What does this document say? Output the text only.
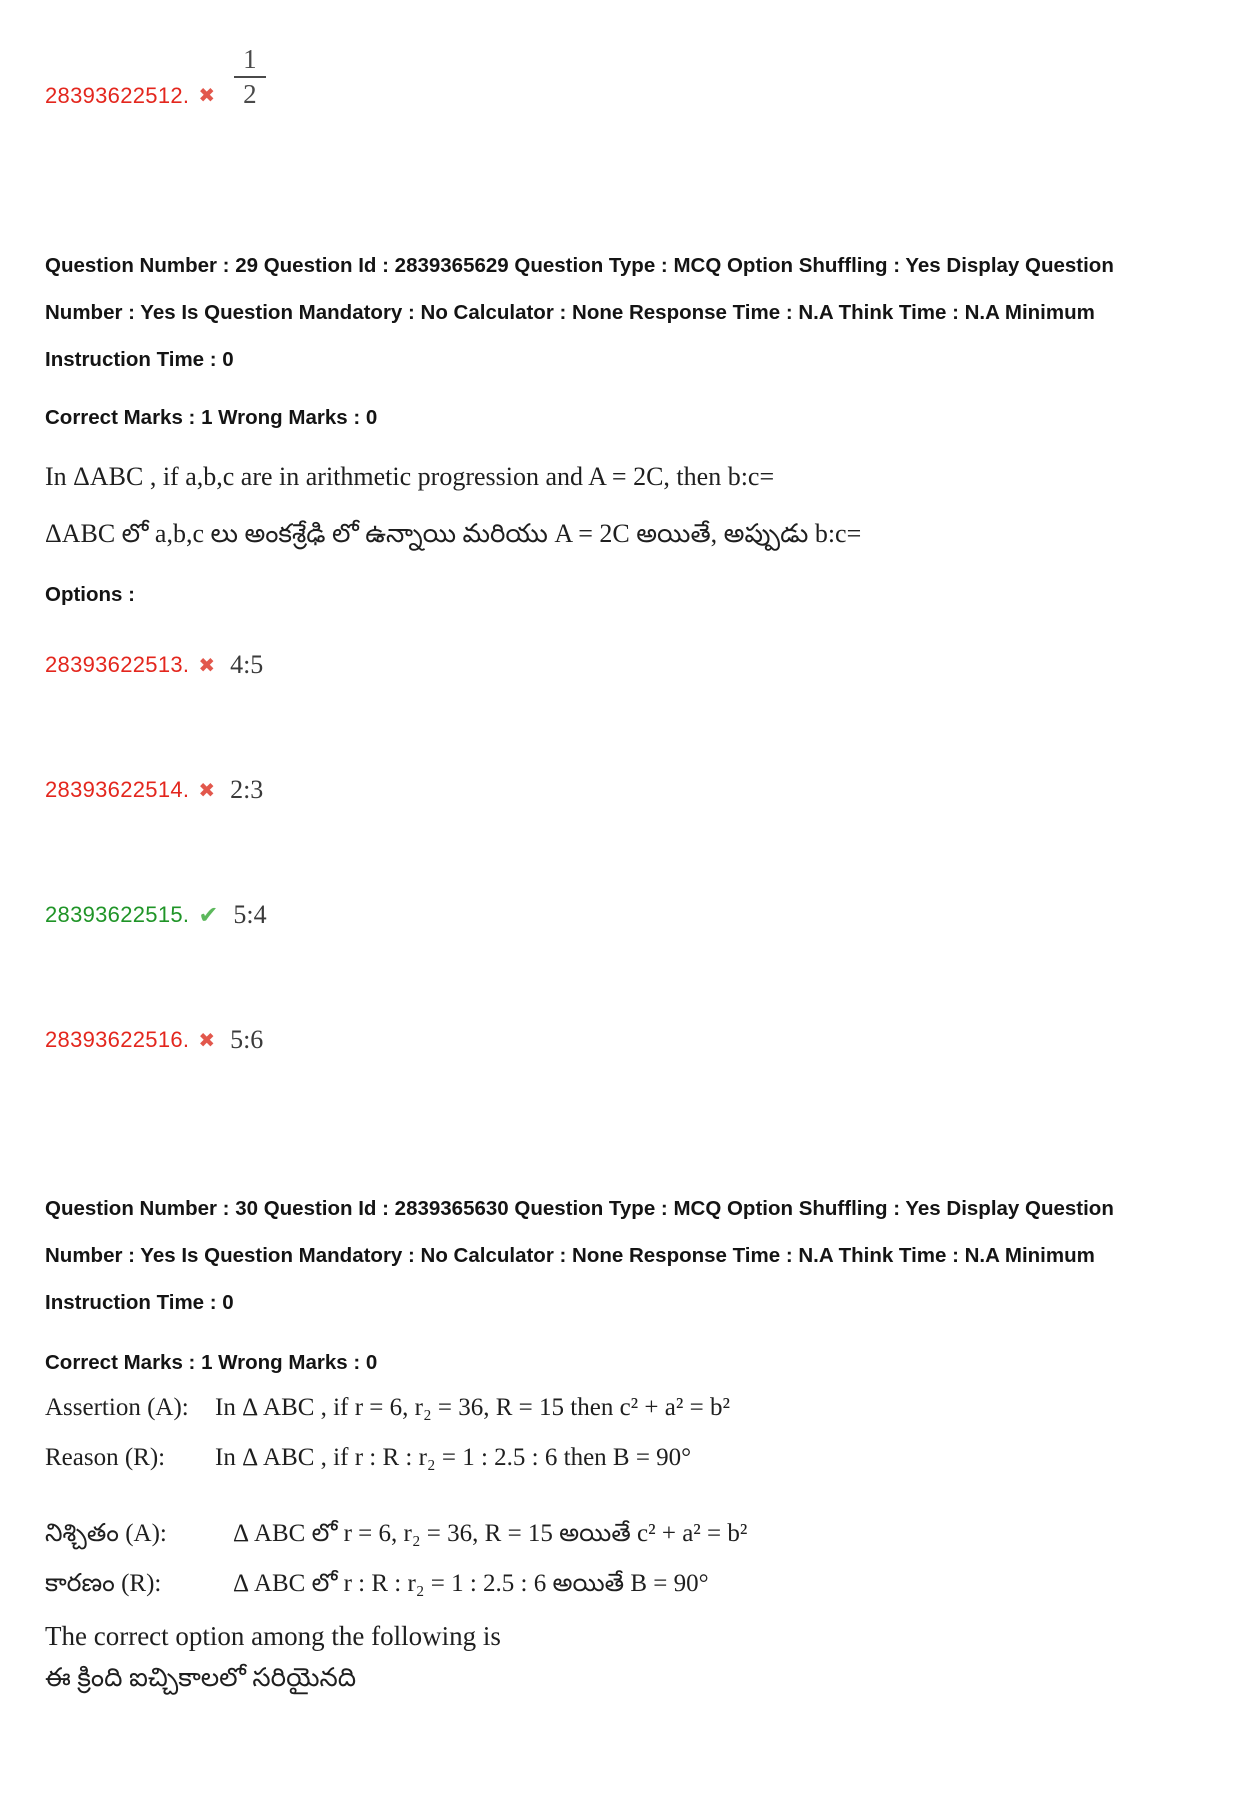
28393622512. ✖ $\frac{1}{2}$
Question Number : 29 Question Id : 2839365629 Question Type : MCQ Option Shuffling : Yes Display Question Number : Yes Is Question Mandatory : No Calculator : None Response Time : N.A Think Time : N.A Minimum Instruction Time : 0
Correct Marks : 1 Wrong Marks : 0
In ΔABC , if a,b,c are in arithmetic progression and A = 2C, then b:c=
ΔABC లో a,b,c లు అంకశ్రేఢి లో ఉన్నాయి మరియు A = 2C అయితే, అప్పుడు b:c=
Options :
28393622513. ✖ 4:5
28393622514. ✖ 2:3
28393622515. ✔ 5:4
28393622516. ✖ 5:6
Question Number : 30 Question Id : 2839365630 Question Type : MCQ Option Shuffling : Yes Display Question Number : Yes Is Question Mandatory : No Calculator : None Response Time : N.A Think Time : N.A Minimum Instruction Time : 0
Correct Marks : 1 Wrong Marks : 0
Assertion (A):	In Δ ABC , if r = 6, r₂ = 36, R = 15 then c² + a² = b²
Reason (R):	In Δ ABC , if r : R : r₂ = 1 : 2.5 : 6 then B = 90°
నిశ్చితం (A):	Δ ABC లో r = 6, r₂ = 36, R = 15 అయితే c² + a² = b²
కారణం (R):	Δ ABC లో r : R : r₂ = 1 : 2.5 : 6 అయితే B = 90°
The correct option among the following is
ఈ క్రింది ఐచ్చికాలలో సరియైనది
